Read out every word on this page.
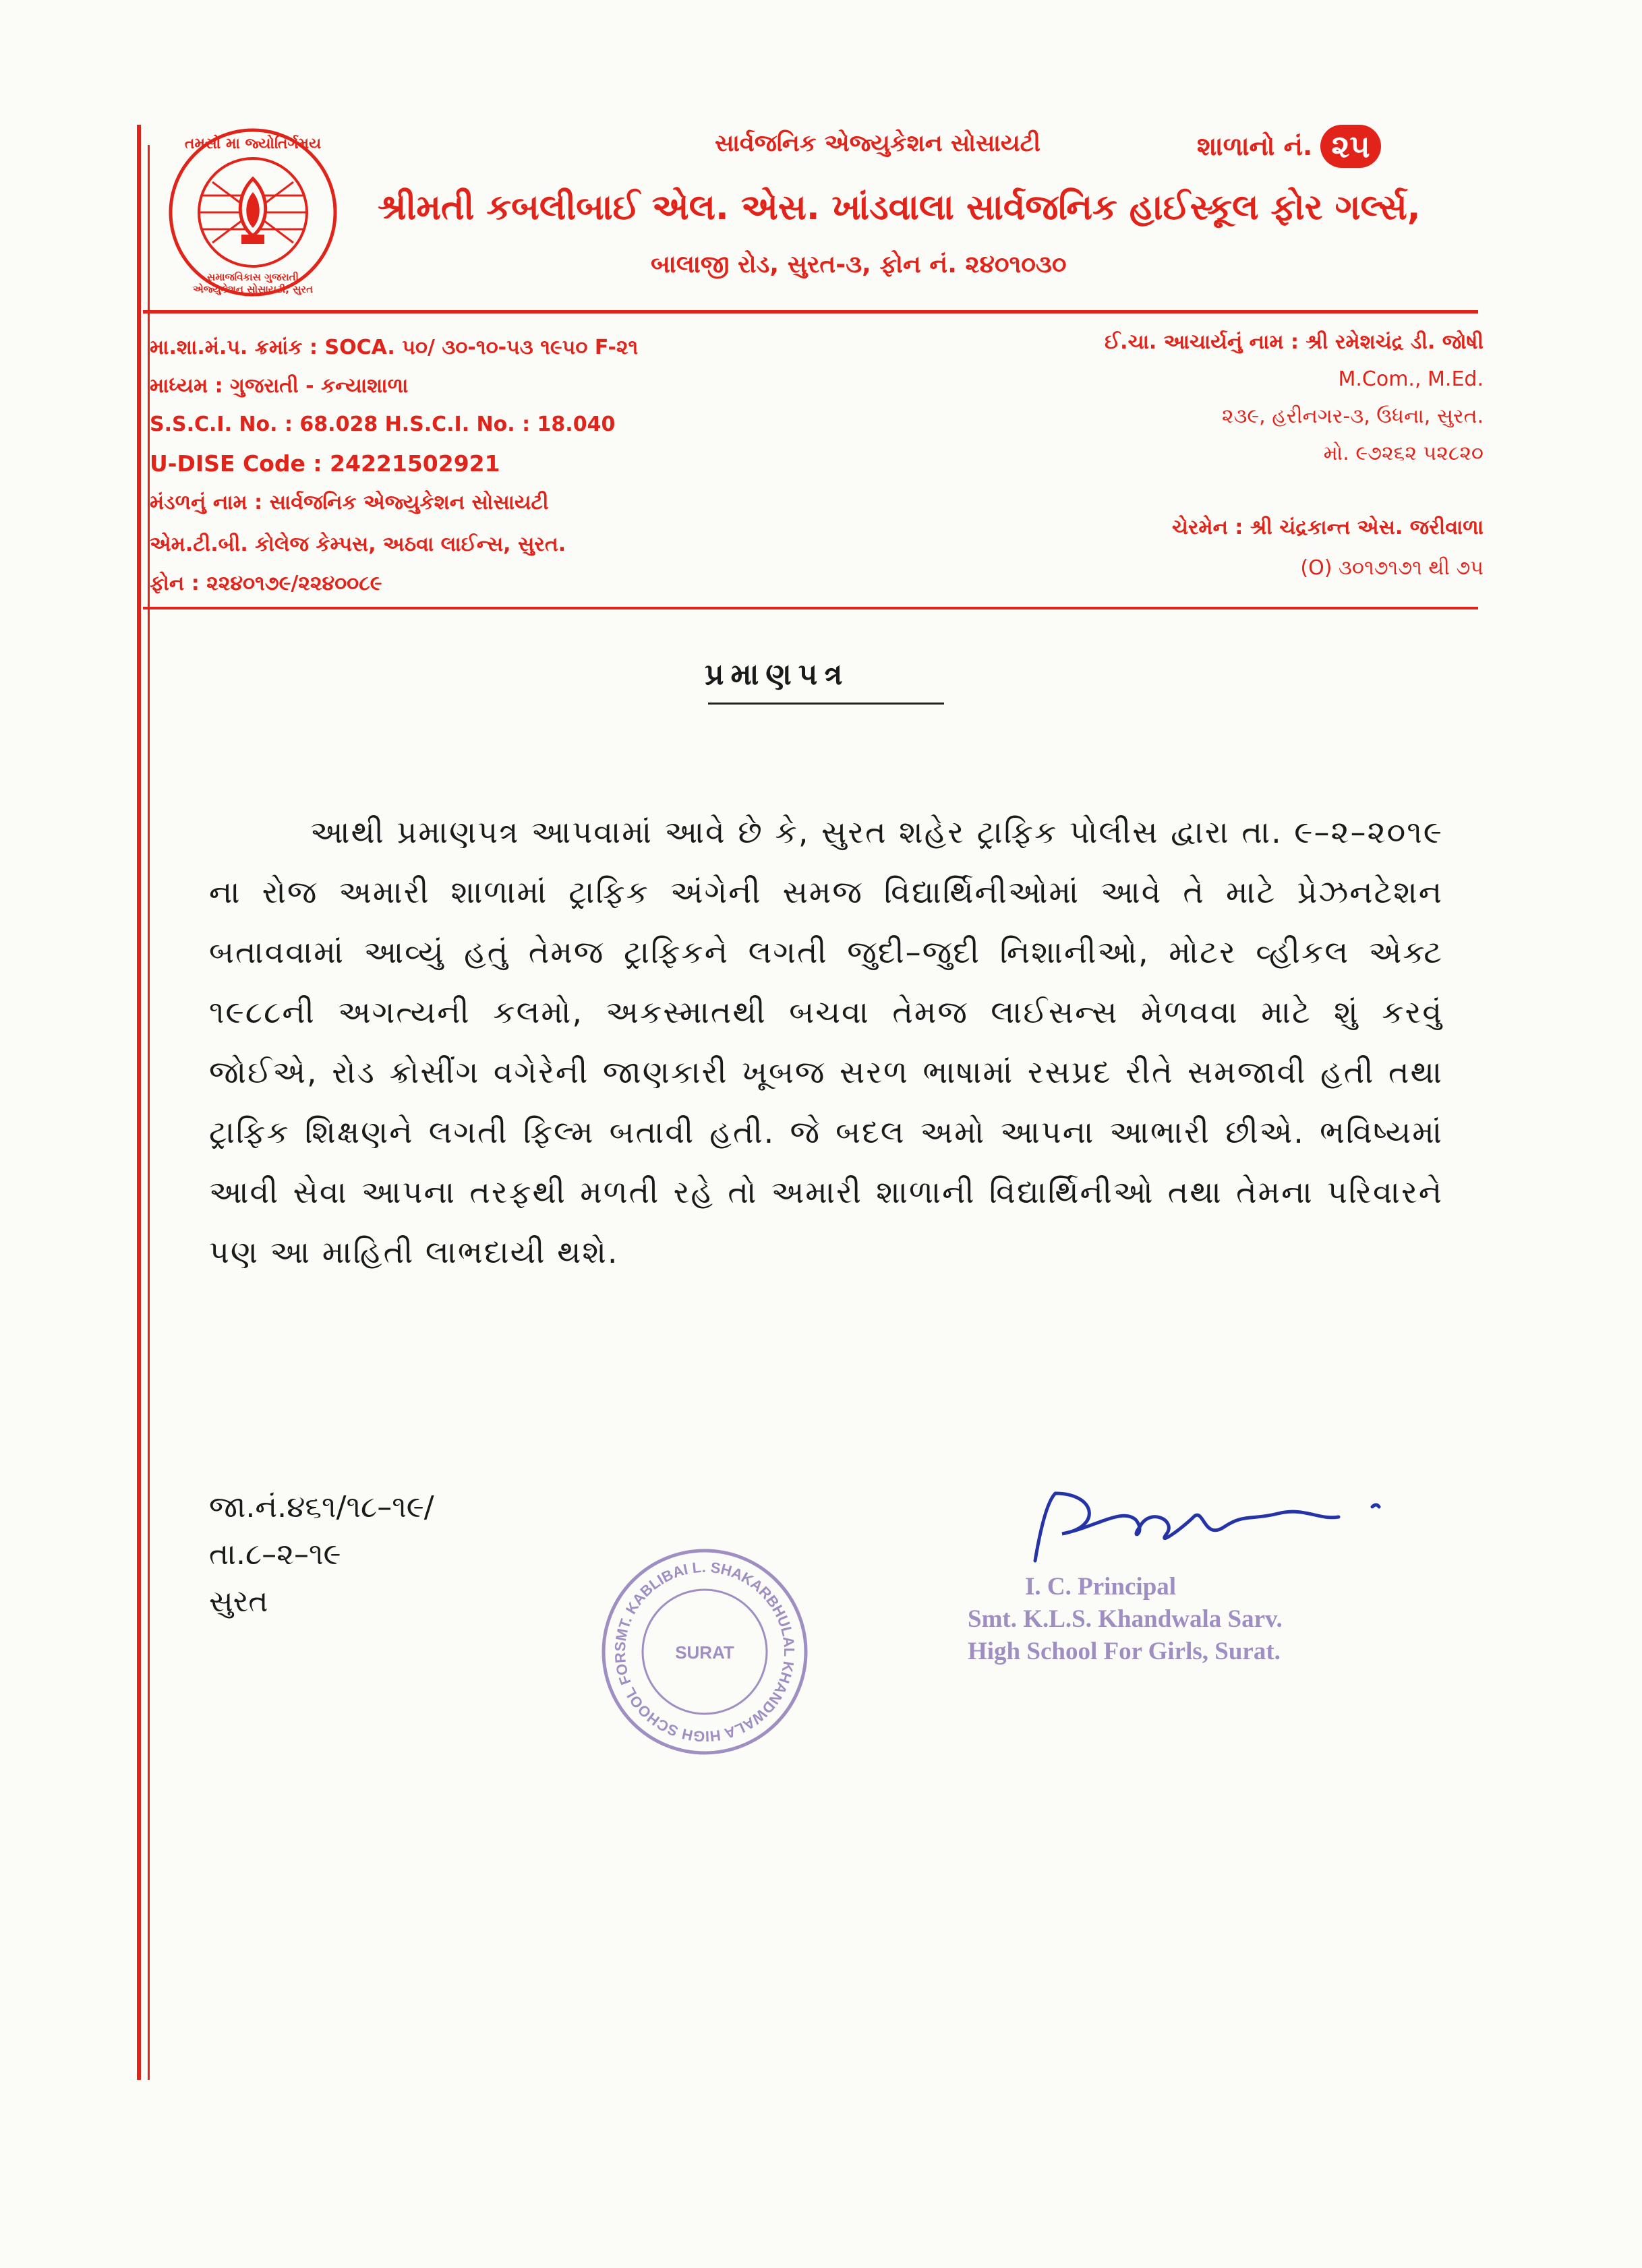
તમસો મા જ્યોતિર્ગમય
સમાજવિકાસ ગુજરાતી એજ્યુકેશન સોસાયટી, સુરત
સાર્વજનિક એજ્યુકેશન સોસાયટી	શાળાનો નં. ૨૫
શ્રીમતી કબલીબાઈ એલ. એસ. ખાંડવાલા સાર્વજનિક હાઈસ્કૂલ ફોર ગર્લ્સ,
બાલાજી રોડ, સુરત-૩, ફોન નં. ૨૪૦૧૦૩૦
મા.શા.મં.પ. ક્રમાંક : SOCA. ૫૦/ ૩૦-૧૦-૫૩ ૧૯૫૦ F-૨૧
માધ્યમ : ગુજરાતી - કન્યાશાળા
S.S.C.I. No. : 68.028 H.S.C.I. No. : 18.040
U-DISE Code : 24221502921
મંડળનું નામ : સાર્વજનિક એજ્યુકેશન સોસાયટી
એમ.ટી.બી. કોલેજ કેમ્પસ, અઠવા લાઈન્સ, સુરત.
ફોન : ૨૨૪૦૧૭૯/૨૨૪૦૦૮૯
ઈ.ચા. આચાર્યનું નામ : શ્રી રમેશચંદ્ર ડી. જોષી
M.Com., M.Ed.
૨૩૯, હરીનગર-૩, ઉધના, સુરત.
મો. ૯૭૨૬૨ ૫૨૮૨૦
ચેરમેન : શ્રી ચંદ્રકાન્ત એસ. જરીવાળા
(O) ૩૦૧૭૧૭૧ થી ૭૫
પ્રમાણપત્ર
આથી પ્રમાણપત્ર આપવામાં આવે છે કે, સુરત શહેર ટ્રાફિક પોલીસ દ્વારા તા. ૯–૨–૨૦૧૯ ના રોજ અમારી શાળામાં ટ્રાફિક અંગેની સમજ વિદ્યાર્થિનીઓમાં આવે તે માટે પ્રેઝનટેશન બતાવવામાં આવ્યું હતું તેમજ ટ્રાફિકને લગતી જુદી–જુદી નિશાનીઓ, મોટર વ્હીકલ એક્ટ ૧૯૮૮ની અગત્યની કલમો, અકસ્માતથી બચવા તેમજ લાઈસન્સ મેળવવા માટે શું કરવું જોઈએ, રોડ ક્રોસીંગ વગેરેની જાણકારી ખૂબજ સરળ ભાષામાં રસપ્રદ રીતે સમજાવી હતી તથા ટ્રાફિક શિક્ષણને લગતી ફિલ્મ બતાવી હતી. જે બદલ અમો આપના આભારી છીએ. ભવિષ્યમાં આવી સેવા આપના તરફથી મળતી રહે તો અમારી શાળાની વિદ્યાર્થિનીઓ તથા તેમના પરિવારને પણ આ માહિતી લાભદાયી થશે.
જા.નં.૪૬૧/૧૮–૧૯/
તા.૮–૨–૧૯
સુરત
SMT. KABLIBAI L. SHAKARBHULAL KHANDWALA HIGH SCHOOL FOR	SURAT
I. C. Principal
Smt. K.L.S. Khandwala Sarv.
High School For Girls, Surat.
